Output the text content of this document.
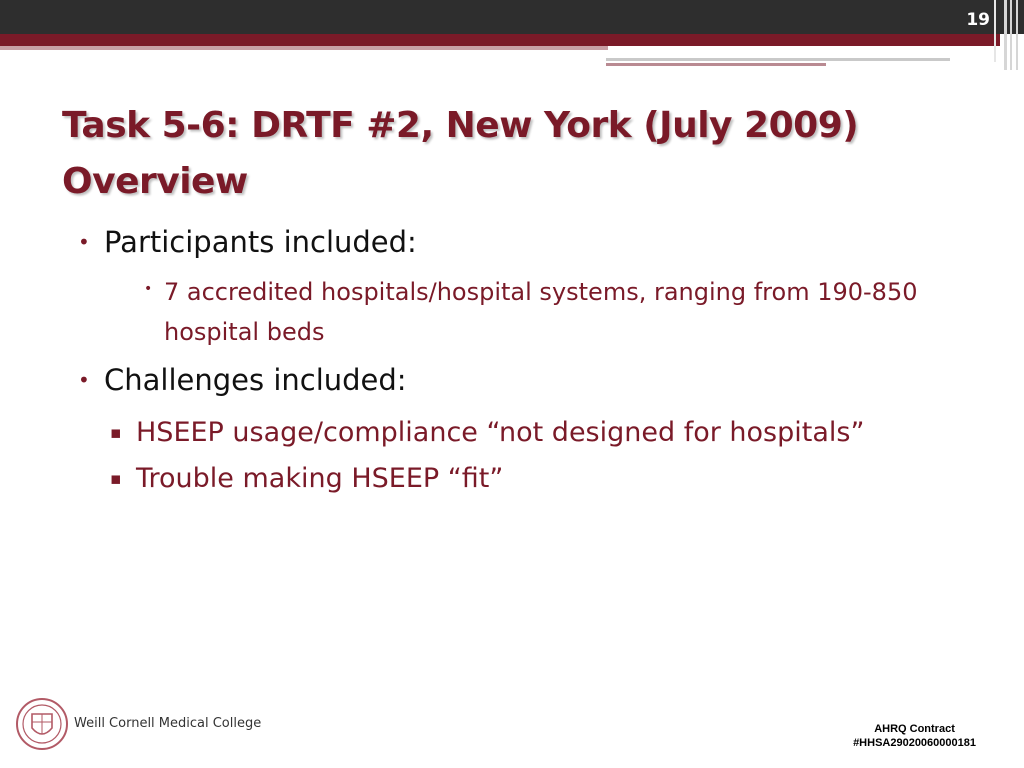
19
Task 5-6: DRTF #2, New York (July 2009)
Overview
• Participants included:
• 7 accredited hospitals/hospital systems, ranging from 190-850 hospital beds
• Challenges included:
▪ HSEEP usage/compliance “not designed for hospitals”
▪ Trouble making HSEEP “fit”
Weill Cornell Medical College	AHRQ Contract
#HHSA29020060000181
